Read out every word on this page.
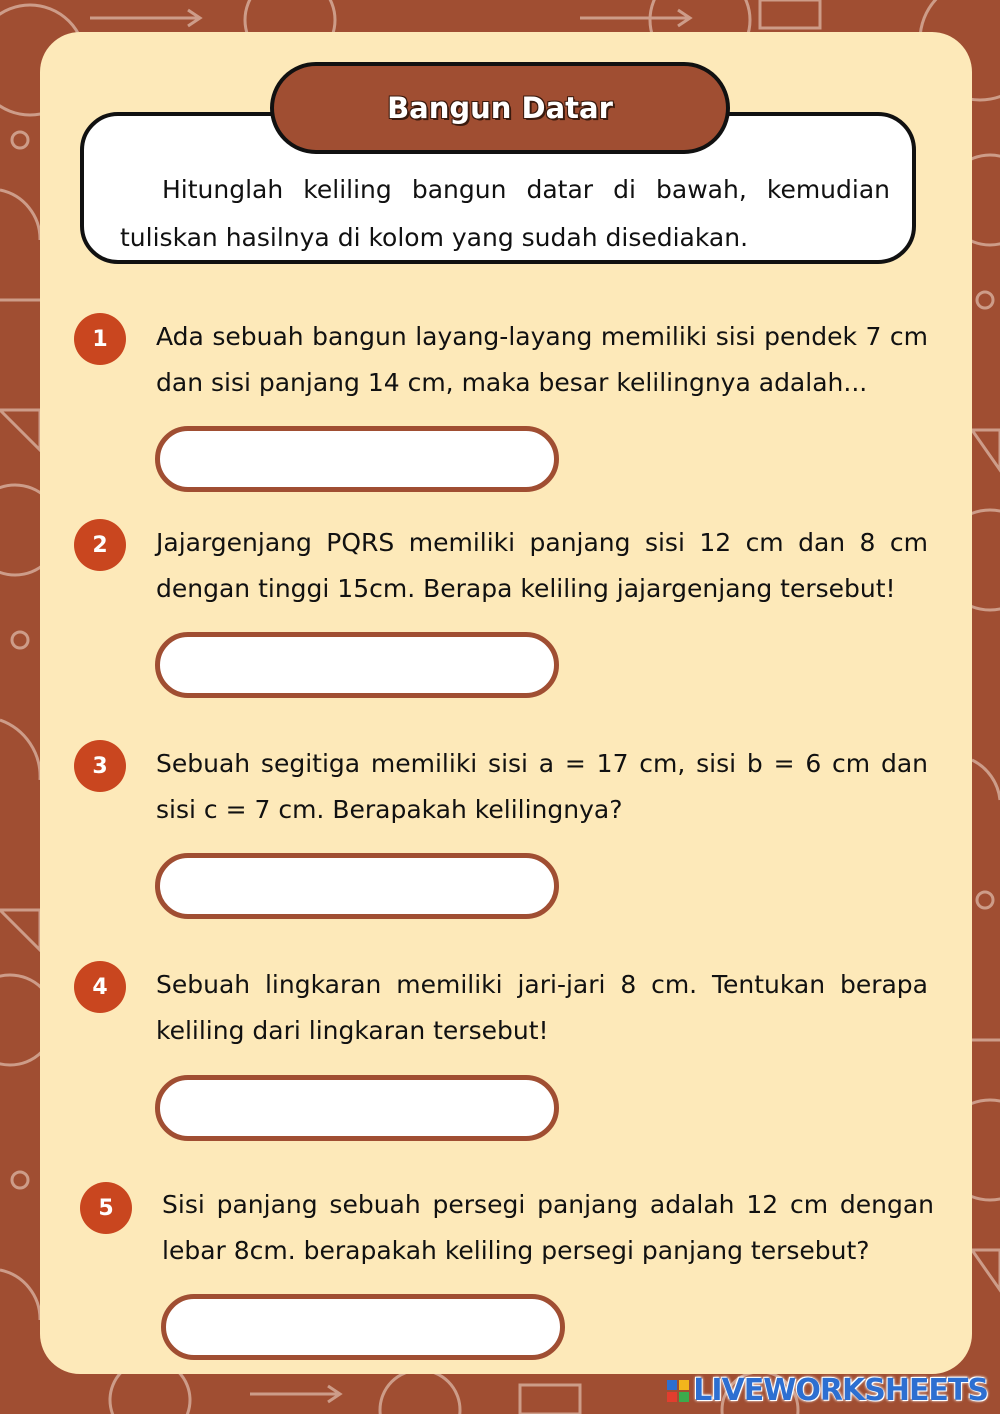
Hitunglah keliling bangun datar di bawah, kemudian tuliskan hasilnya di kolom yang sudah disediakan.

Bangun Datar
1	Ada sebuah bangun layang-layang memiliki sisi pendek 7 cm dan sisi panjang 14 cm, maka besar kelilingnya adalah...

2	Jajargenjang PQRS memiliki panjang sisi 12 cm dan 8 cm dengan tinggi 15cm. Berapa keliling jajargenjang tersebut!

3	Sebuah segitiga memiliki sisi a = 17 cm, sisi b = 6 cm dan sisi c = 7 cm. Berapakah kelilingnya?

4	Sebuah lingkaran memiliki jari-jari 8 cm. Tentukan berapa keliling dari lingkaran tersebut!

5	Sisi panjang sebuah persegi panjang adalah 12 cm dengan lebar 8cm. berapakah keliling persegi panjang tersebut?

LIVEWORKSHEETS
